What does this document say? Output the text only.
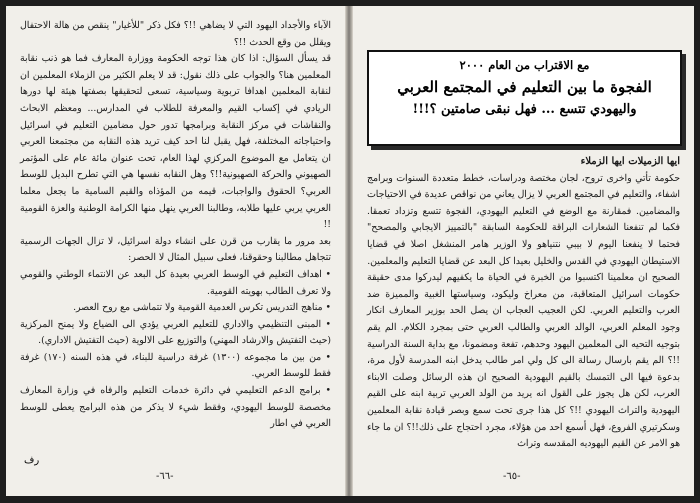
الآباء والأجداد اليهود التي لا يضاهي !!؟ فكل ذكر "للأغيار" ينقص من هالة الاحتفال ويقلل من وقع الحدث !!؟

قد يسأل السؤال: اذا كان هذا توجه الحكومة ووزارة المعارف فما هو ذنب نقابة المعلمين هنا؟ والجواب على ذلك نقول: قد لا يعلم الكثير من الزملاء المعلمين ان لنقابة المعلمين اهدافا تربوية وسياسية، تسعى لتحقيقها بصفتها هيئة لها دورها الريادي في إكساب القيم والمعرفة للطلاب في المدارس... ومعظم الابحاث والنقاشات في مركز النقابة وبرامجها تدور حول مضامين التعليم في اسرائيل واحتياجاته المختلفة، فهل يقبل لنا احد كيف تريد هذه النقابه من مجتمعنا العربي ان يتعامل مع الموضوع المركزي لهذا العام، تحت عنوان مائة عام على المؤتمر الصهيوني والحركة الصهيونية!!؟ وهل النقابه نفسها هي التي تطرح البديل للوسط العربي؟ الحقوق والواجبات، قيمه من المؤذاه والقيم السامية ما يجعل معلما العربي يربي عليها طلابه، وطالبنا العربي ينهل منها الكرامة الوطنية والعزة القومية !!

بعد مرور ما يقارب من قرن على انشاء دولة اسرائيل، لا تزال الجهات الرسمية تتجاهل مطالبنا وحقوقنا، فعلى سبيل المثال لا الحصر:

• اهداف التعليم في الوسط العربي بعيدة كل البعد عن الانتماء الوطني والقومي ولا تعرف الطالب بهويته القومية.

• مناهج التدريس تكرس العدمية القومية ولا تتماشى مع روح العصر.

• المبنى التنظيمي والاداري للتعليم العربي يؤدي الى الضياع ولا يمنح المركزية (حيث التفتيش والارشاد المهني) والتوزيع على الالوية (حيث التفتيش الاداري).

• من بين ما مجموعه (١٣٠٠) غرفة دراسية للبناء، في هذه السنه (١٧٠) غرفة فقط للوسط العربي.

• برامج الدعم التعليمي في دائرة خدمات التعليم والرفاه في وزارة المعارف مخصصة للوسط اليهودي، وفقط شيء لا يذكر من هذه البرامج يعطى للوسط العربي في اطار

رف
-٦٦-
مع الاقتراب من العام ٢٠٠٠
الفجوة ما بين التعليم في المجتمع العربي
واليهودي تتسع ... فهل نبقى صامتين ؟!!!
ايها الزميلات ايها الزملاء

حكومة تأتي واخرى تروح، لجان مختصة ودراسات، خطط متعددة السنوات وبرامج اشفاء، والتعليم في المجتمع العربي لا يزال يعاني من نواقص عديدة في الاحتياجات والمضامين. فمقارنة مع الوضع في التعليم اليهودي، الفجوة تتسع وتزداد تعمقا. فكما لم تنفعنا الشعارات البراقة للحكومة السابقة "بالتمييز الايجابي والمصحح" فحتما لا ينفعنا اليوم لا بيبي نتنياهو ولا الوزير هامر المنشغل اصلا في قضايا الاستيطان اليهودي في القدس والخليل بعيدا كل البعد عن قضايا التعليم والمعلمين.

الصحيح ان معلمينا اكتسبوا من الخبرة في الحياة ما يكفيهم ليدركوا مدى حقيقة حكومات اسرائيل المتعاقبة، من معراخ وليكود، وسياستها الغبية والمميزة ضد العرب والتعليم العربي. لكن العجيب العجاب ان يصل الحد بوزير المعارف انكار وجود المعلم العربي، الوالد العربي والطالب العربي حتى بمجرد الكلام. الم يقم بتوجيه التحيه الى المعلمين اليهود وحدهم، تفعة ومضمونا، مع بداية السنة الدراسية !!؟ الم يقم بارسال رسالة الى كل ولي امر طالب يدخل ابنه المدرسة لأول مرة، بدعوة فيها الى التمسك بالقيم اليهودية الصحيح ان هذه الرسائل وصلت الابناء العرب، لكن هل يجوز على القول انه يريد من الولد العربي تربية ابنه على القيم اليهودية والتراث اليهودي !!؟ كل هذا جرى تحت سمع وبصر قيادة نقابة المعلمين وسكرتيري الفروع، فهل أسمع احد من هؤلاء، مجرد احتجاج على ذلك!!؟ ان ما جاء هو الامر عن القيم اليهوديه المقدسه وتراث

-٦٥-
